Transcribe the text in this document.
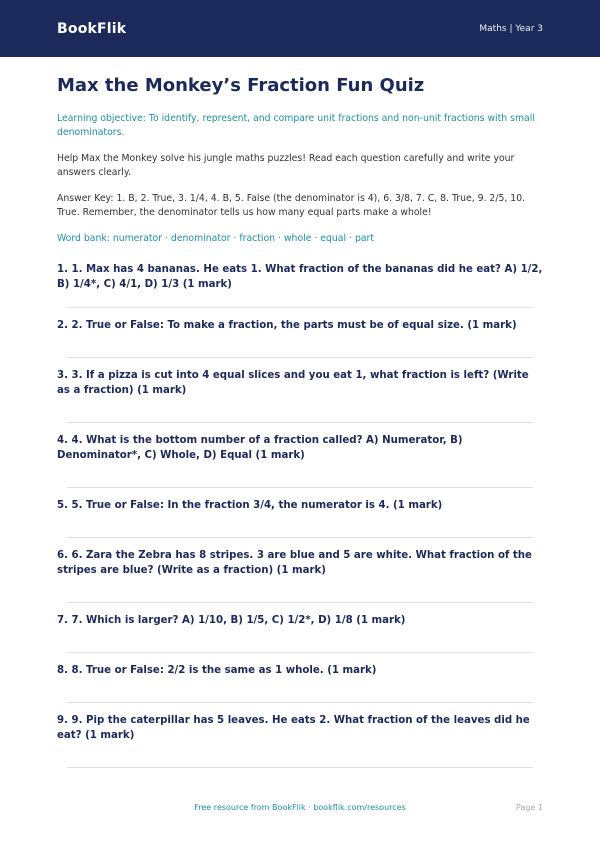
BookFlik	Maths | Year 3
Max the Monkey’s Fraction Fun Quiz
Learning objective: To identify, represent, and compare unit fractions and non-unit fractions with small denominators.
Help Max the Monkey solve his jungle maths puzzles! Read each question carefully and write your answers clearly.
Answer Key: 1. B, 2. True, 3. 1/4, 4. B, 5. False (the denominator is 4), 6. 3/8, 7. C, 8. True, 9. 2/5, 10. True. Remember, the denominator tells us how many equal parts make a whole!
Word bank: numerator · denominator · fraction · whole · equal · part
1. 1. Max has 4 bananas. He eats 1. What fraction of the bananas did he eat? A) 1/2, B) 1/4*, C) 4/1, D) 1/3 (1 mark)
2. 2. True or False: To make a fraction, the parts must be of equal size. (1 mark)
3. 3. If a pizza is cut into 4 equal slices and you eat 1, what fraction is left? (Write as a fraction) (1 mark)
4. 4. What is the bottom number of a fraction called? A) Numerator, B) Denominator*, C) Whole, D) Equal (1 mark)
5. 5. True or False: In the fraction 3/4, the numerator is 4. (1 mark)
6. 6. Zara the Zebra has 8 stripes. 3 are blue and 5 are white. What fraction of the stripes are blue? (Write as a fraction) (1 mark)
7. 7. Which is larger? A) 1/10, B) 1/5, C) 1/2*, D) 1/8 (1 mark)
8. 8. True or False: 2/2 is the same as 1 whole. (1 mark)
9. 9. Pip the caterpillar has 5 leaves. He eats 2. What fraction of the leaves did he eat? (1 mark)
Free resource from BookFlik · bookflik.com/resources	Page 1
